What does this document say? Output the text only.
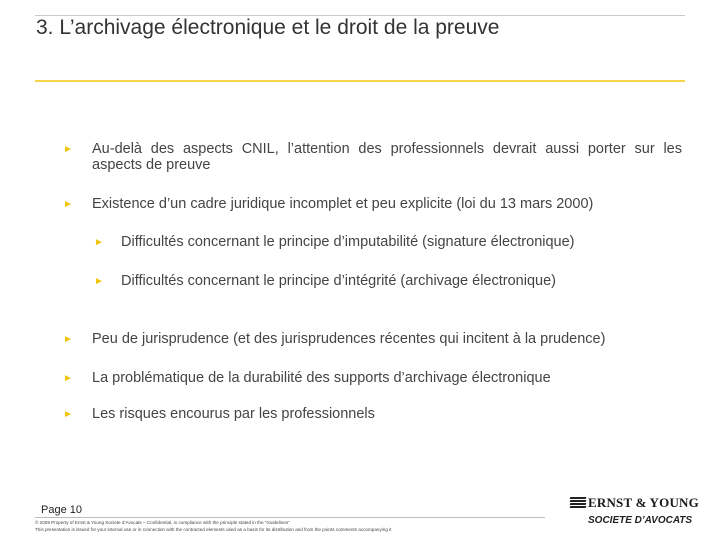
3. L’archivage électronique et le droit de la preuve
► Au-delà des aspects CNIL, l’attention des professionnels devrait aussi porter sur les aspects de preuve
► Existence d’un cadre juridique incomplet et peu explicite (loi du 13 mars 2000)
► Difficultés concernant le principe d’imputabilité (signature électronique)
► Difficultés concernant le principe d’intégrité (archivage électronique)
► Peu de jurisprudence (et des jurisprudences récentes qui incitent à la prudence)
► La problématique de la durabilité des supports d’archivage électronique
► Les risques encourus par les professionnels
Page 10
© 2009 Property of Ernst & Young Societe d’Avocats – Confidential, in compliance with the principle stated in the “Guidelines”
This presentation is issued for your internal use or in connection with the contracted elements used as a basis for its distribution and from the points comments accompanying it
ERNST & YOUNG
SOCIETE D’AVOCATS
